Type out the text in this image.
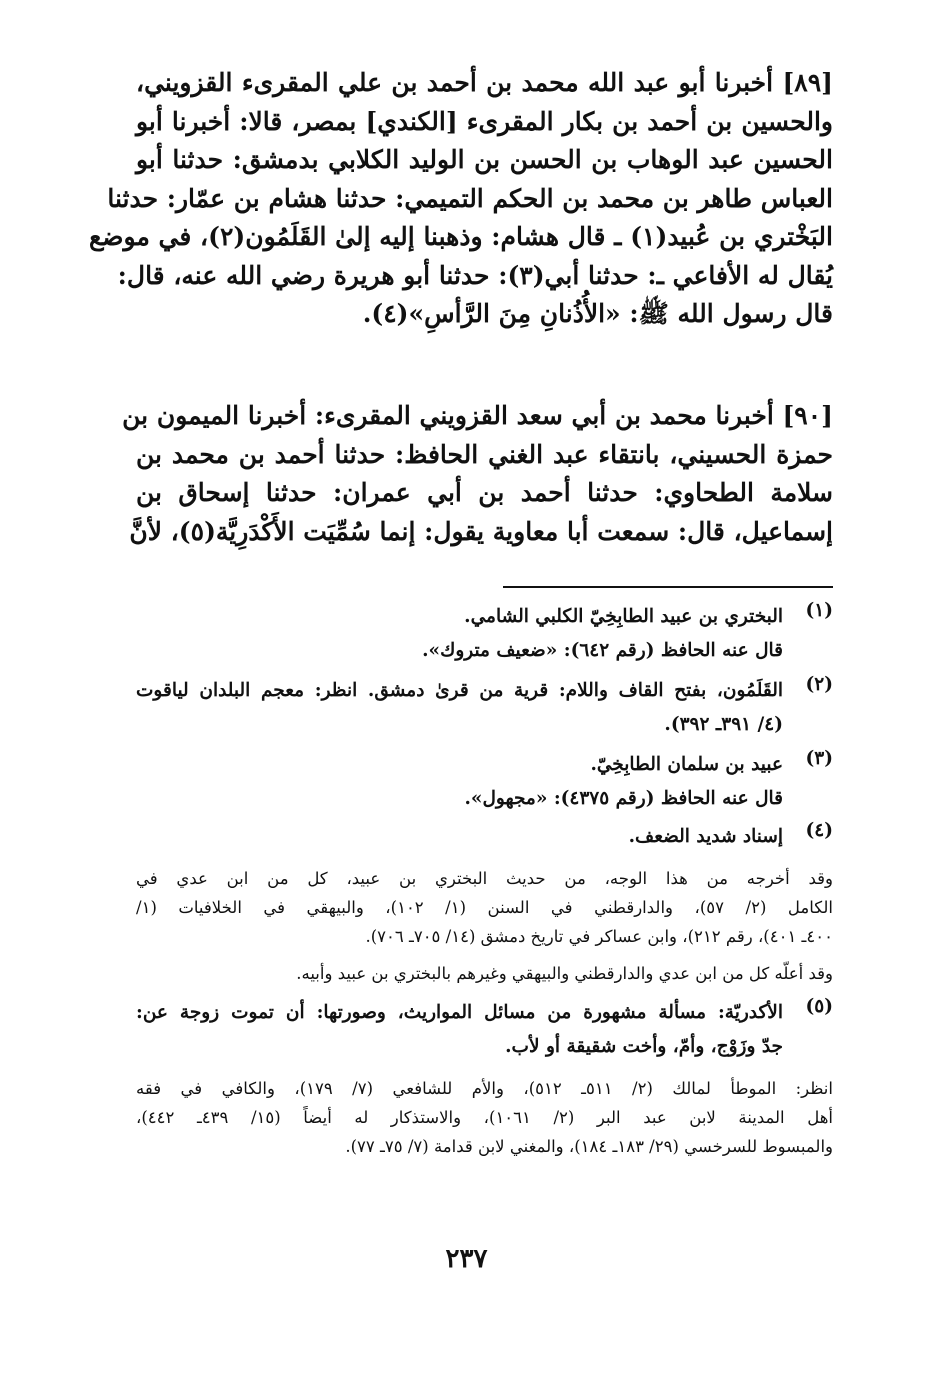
[٨٩] أخبرنا أبو عبد الله محمد بن أحمد بن علي المقرىء القزويني،
والحسين بن أحمد بن بكار المقرىء [الكندي] بمصر، قالا: أخبرنا أبو
الحسين عبد الوهاب بن الحسن بن الوليد الكلابي بدمشق: حدثنا أبو
العباس طاهر بن محمد بن الحكم التميمي: حدثنا هشام بن عمّار: حدثنا
البَخْتري بن عُبيد(١) ـ قال هشام: وذهبنا إليه إلىٰ القَلَمُون(٢)، في موضع
يُقال له الأفاعي ـ: حدثنا أبي(٣): حدثنا أبو هريرة رضي الله عنه، قال:
قال رسول الله ﷺ: «الأُذُنانِ مِنَ الرَّأسِ»(٤).
[٩٠] أخبرنا محمد بن أبي سعد القزويني المقرىء: أخبرنا الميمون بن
حمزة الحسيني، بانتقاء عبد الغني الحافظ: حدثنا أحمد بن محمد بن
سلامة الطحاوي: حدثنا أحمد بن أبي عمران: حدثنا إسحاق بن
إسماعيل، قال: سمعت أبا معاوية يقول: إنما سُمِّيَت الأَكْدَرِيَّة(٥)، لأنَّ
(١)
البختري بن عبيد الطابِخِيّ الكلبي الشامي.
قال عنه الحافظ (رقم ٦٤٢): «ضعيف متروك».
(٢)
القَلَمُون، بفتح القاف واللام: قرية من قرىٰ دمشق. انظر: معجم البلدان لياقوت
(٤/ ٣٩١ـ ٣٩٢).
(٣)
عبيد بن سلمان الطابِخِيّ.
قال عنه الحافظ (رقم ٤٣٧٥): «مجهول».
(٤)
إسناد شديد الضعف.
وقد أخرجه من هذا الوجه، من حديث البختري بن عبيد، كل من ابن عدي في
الكامل (٢/ ٥٧)، والدارقطني في السنن (١/ ١٠٢)، والبيهقي في الخلافيات (١/
٤٠٠ـ ٤٠١)، رقم ٢١٢)، وابن عساكر في تاريخ دمشق (١٤/ ٧٠٥ـ ٧٠٦).
وقد أعلّه كل من ابن عدي والدارقطني والبيهقي وغيرهم بالبختري بن عبيد وأبيه.
(٥)
الأكدريّة: مسألة مشهورة من مسائل المواريث، وصورتها: أن تموت زوجة عن:
جدّ وزَوْج، وأمّ، وأخت شقيقة أو لأب.
انظر: الموطأ لمالك (٢/ ٥١١ـ ٥١٢)، والأم للشافعي (٧/ ١٧٩)، والكافي في فقه
أهل المدينة لابن عبد البر (٢/ ١٠٦١)، والاستذكار له أيضاً (١٥/ ٤٣٩ـ ٤٤٢)،
والمبسوط للسرخسي (٢٩/ ١٨٣ـ ١٨٤)، والمغني لابن قدامة (٧/ ٧٥ـ ٧٧).
٢٣٧
